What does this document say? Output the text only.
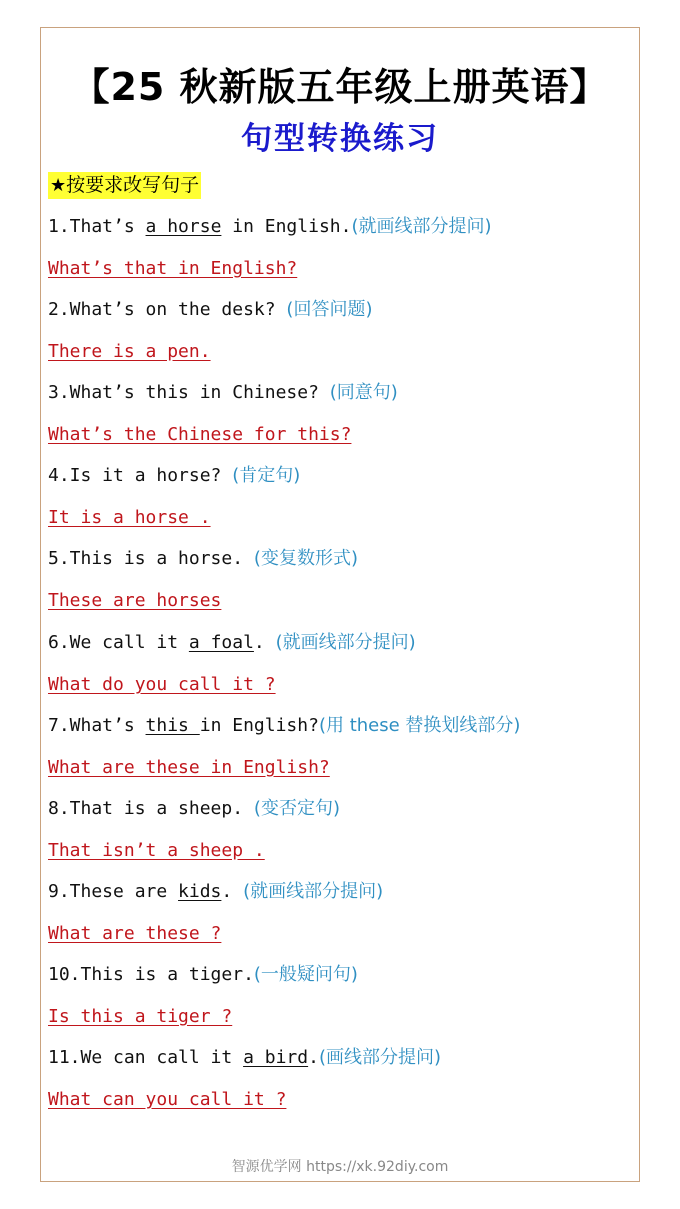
【25 秋新版五年级上册英语】
句型转换练习
★按要求改写句子
1.That’s a horse in English.(就画线部分提问)
What’s that in English?
2.What’s on the desk? (回答问题)
There is a pen.
3.What’s this in Chinese? (同意句)
What’s the Chinese for this?
4.Is it a horse? (肯定句)
It is a horse .
5.This is a horse. (变复数形式)
These are horses
6.We call it a foal. (就画线部分提问)
What do you call it ?
7.What’s this in English?(用 these 替换划线部分)
What are these in English?
8.That is a sheep. (变否定句)
That isn’t a sheep .
9.These are kids. (就画线部分提问)
What are these ?
10.This is a tiger.(一般疑问句)
Is this a tiger ?
11.We can call it a bird.(画线部分提问)
What can you call it ?
智源优学网 https://xk.92diy.com
